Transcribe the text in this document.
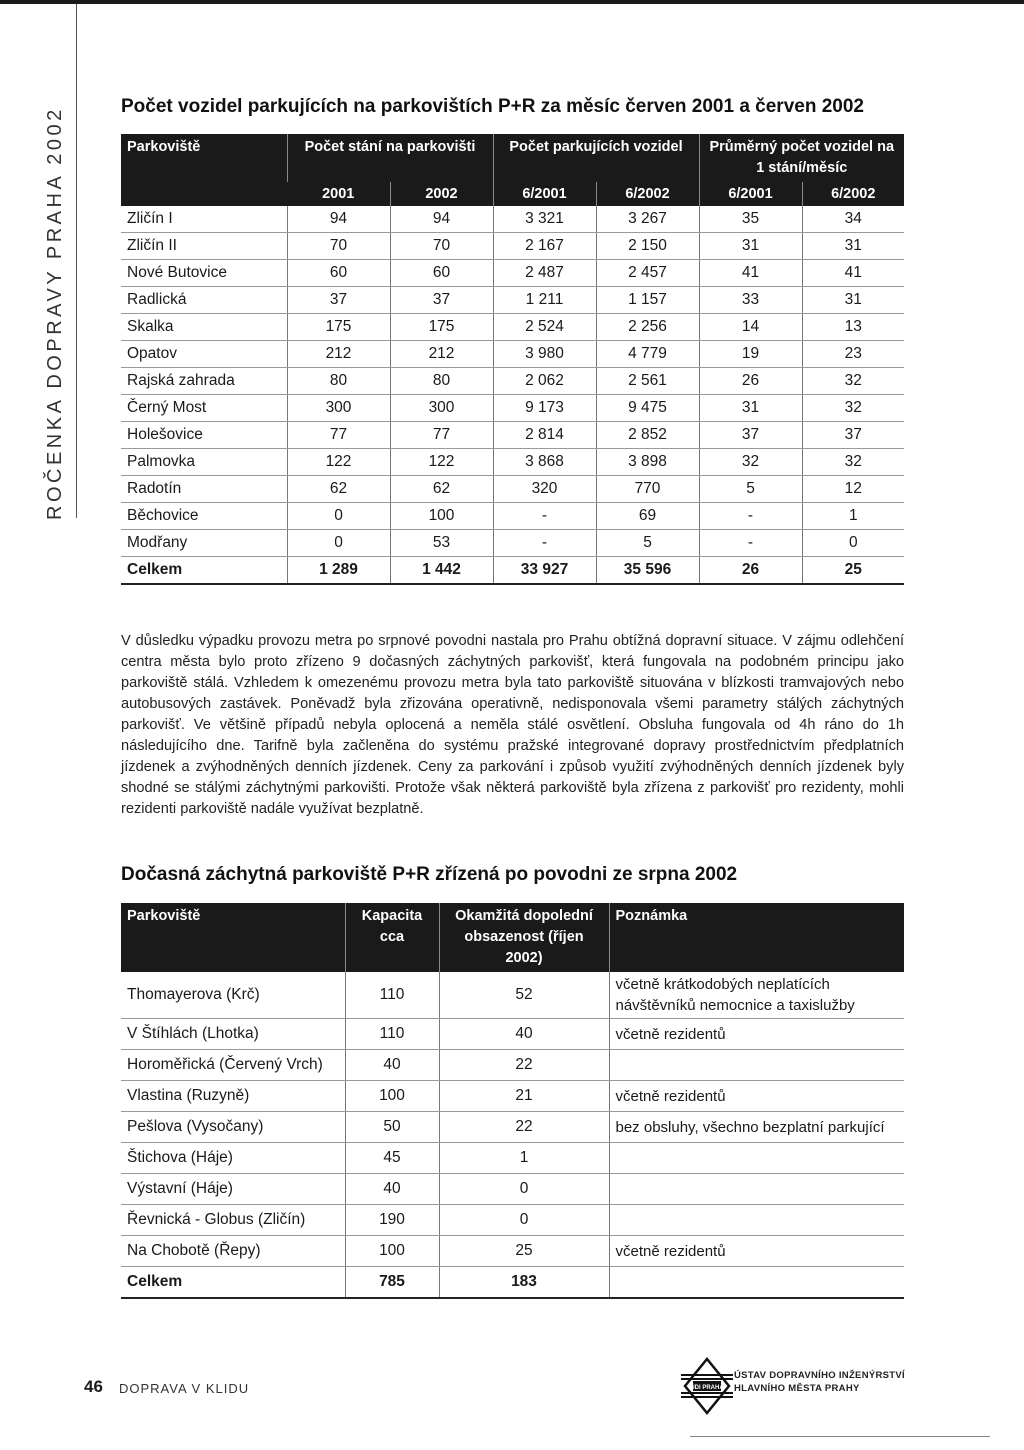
ROČENKA DOPRAVY PRAHA 2002	Počet vozidel parkujících na parkovištích P+R za měsíc červen 2001 a červen 2002
Parkoviště	Počet stání na parkovišti		Počet parkujících vozidel		Průměrný počet vozidel na 1 stání/měsíc	
	2001	2002	6/2001	6/2002	6/2001	6/2002
Zličín I	94	94	3 321	3 267	35	34
Zličín II	70	70	2 167	2 150	31	31
Nové Butovice	60	60	2 487	2 457	41	41
Radlická	37	37	1 211	1 157	33	31
Skalka	175	175	2 524	2 256	14	13
Opatov	212	212	3 980	4 779	19	23
Rajská zahrada	80	80	2 062	2 561	26	32
Černý Most	300	300	9 173	9 475	31	32
Holešovice	77	77	2 814	2 852	37	37
Palmovka	122	122	3 868	3 898	32	32
Radotín	62	62	320	770	5	12
Běchovice	0	100	-	69	-	1
Modřany	0	53	-	5	-	0
Celkem	1 289	1 442	33 927	35 596	26	25

V důsledku výpadku provozu metra po srpnové povodni nastala pro Prahu obtížná dopravní situace. V zájmu odlehčení centra města bylo proto zřízeno 9 dočasných záchytných parkovišť, která fungovala na podobném principu jako parkoviště stálá. Vzhledem k omezenému provozu metra byla tato parkoviště situována v blízkosti tramvajových nebo autobusových zastávek. Poněvadž byla zřizována operativně, nedisponovala všemi parametry stálých záchytných parkovišť. Ve většině případů nebyla oplocená a neměla stálé osvětlení. Obsluha fungovala od 4h ráno do 1h následujícího dne. Tarifně byla začleněna do systému pražské integrované dopravy prostřednictvím předplatních jízdenek a zvýhodněných denních jízdenek. Ceny za parkování i způsob využití zvýhodněných denních jízdenek byly shodné se stálými záchytnými parkovišti. Protože však některá parkoviště byla zřízena z parkovišť pro rezidenty, mohli rezidenti parkoviště nadále využívat bezplatně.

Dočasná záchytná parkoviště P+R zřízená po povodni ze srpna 2002
Parkoviště	Kapacita cca	Okamžitá dopolední obsazenost (říjen 2002)	Poznámka
Thomayerova (Krč)	110	52	včetně krátkodobých neplatících návštěvníků nemocnice a taxislužby
V Štíhlách (Lhotka)	110	40	včetně rezidentů
Horoměřická (Červený Vrch)	40	22	
Vlastina (Ruzyně)	100	21	včetně rezidentů
Pešlova (Vysočany)	50	22	bez obsluhy, všechno bezplatní parkující
Štichova (Háje)	45	1	
Výstavní (Háje)	40	0	
Řevnická - Globus (Zličín)	190	0	
Na Chobotě (Řepy)	100	25	včetně rezidentů
Celkem	785	183	
46 DOPRAVA V KLIDU	ÚDI PRAHA
ÚSTAV DOPRAVNÍHO INŽENÝRSTVÍ
HLAVNÍHO MĚSTA PRAHY
